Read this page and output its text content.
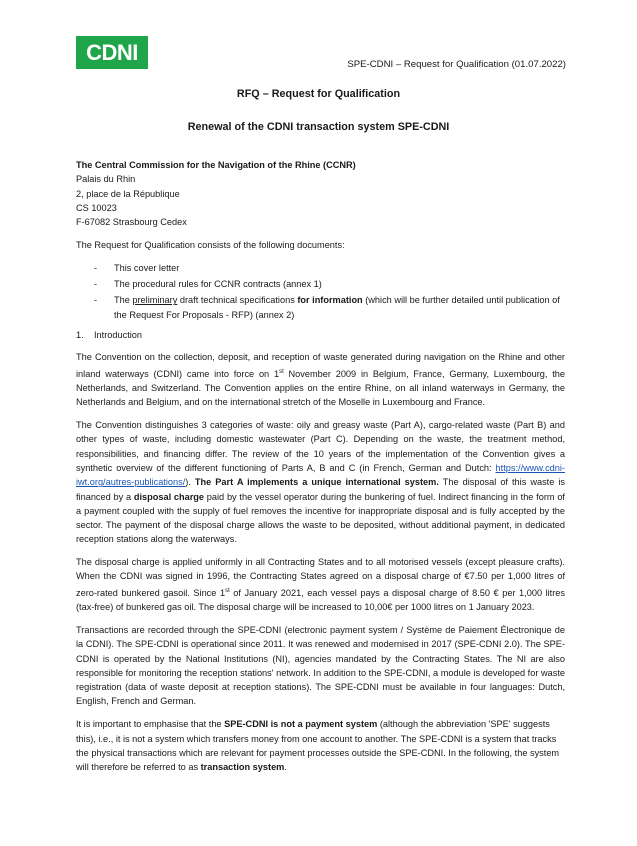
CDNI	SPE-CDNI – Request for Qualification (01.07.2022)
RFQ – Request for Qualification
Renewal of the CDNI transaction system SPE-CDNI
The Central Commission for the Navigation of the Rhine (CCNR)
Palais du Rhin
2, place de la République
CS 10023
F-67082 Strasbourg Cedex
The Request for Qualification consists of the following documents:
- This cover letter
- The procedural rules for CCNR contracts (annex 1)
- The preliminary draft technical specifications for information (which will be further detailed until publication of the Request For Proposals - RFP) (annex 2)
1. Introduction
The Convention on the collection, deposit, and reception of waste generated during navigation on the Rhine and other inland waterways (CDNI) came into force on 1st November 2009 in Belgium, France, Germany, Luxembourg, the Netherlands, and Switzerland. The Convention applies on the entire Rhine, on all inland waterways in Germany, the Netherlands and Belgium, and on the international stretch of the Moselle in Luxembourg and France.
The Convention distinguishes 3 categories of waste: oily and greasy waste (Part A), cargo-related waste (Part B) and other types of waste, including domestic wastewater (Part C). Depending on the waste, the treatment method, responsibilities, and financing differ. The review of the 10 years of the implementation of the Convention gives a synthetic overview of the different functioning of Parts A, B and C (in French, German and Dutch: https://www.cdni-iwt.org/autres-publications/). The Part A implements a unique international system. The disposal of this waste is financed by a disposal charge paid by the vessel operator during the bunkering of fuel. Indirect financing in the form of a payment coupled with the supply of fuel removes the incentive for inappropriate disposal and is fully accepted by the sector. The payment of the disposal charge allows the waste to be deposited, without additional payment, in dedicated reception stations along the waterways.
The disposal charge is applied uniformly in all Contracting States and to all motorised vessels (except pleasure crafts). When the CDNI was signed in 1996, the Contracting States agreed on a disposal charge of €7.50 per 1,000 litres of zero-rated bunkered gasoil. Since 1st of January 2021, each vessel pays a disposal charge of 8.50 € per 1,000 litres (tax-free) of bunkered gas oil. The disposal charge will be increased to 10,00€ per 1000 litres on 1 January 2023.
Transactions are recorded through the SPE-CDNI (electronic payment system / Système de Paiement Électronique de la CDNI). The SPE-CDNI is operational since 2011. It was renewed and modernised in 2017 (SPE-CDNI 2.0). The SPE-CDNI is operated by the National Institutions (NI), agencies mandated by the Contracting States. The NI are also responsible for monitoring the reception stations' network. In addition to the SPE-CDNI, a module is developed for waste registration (data of waste deposit at reception stations). The SPE-CDNI must be available in four languages: Dutch, English, French and German.
It is important to emphasise that the SPE-CDNI is not a payment system (although the abbreviation 'SPE' suggests this), i.e., it is not a system which transfers money from one account to another. The SPE-CDNI is a system that tracks the physical transactions which are relevant for payment processes outside the SPE-CDNI. In the following, the system will therefore be referred to as transaction system.
